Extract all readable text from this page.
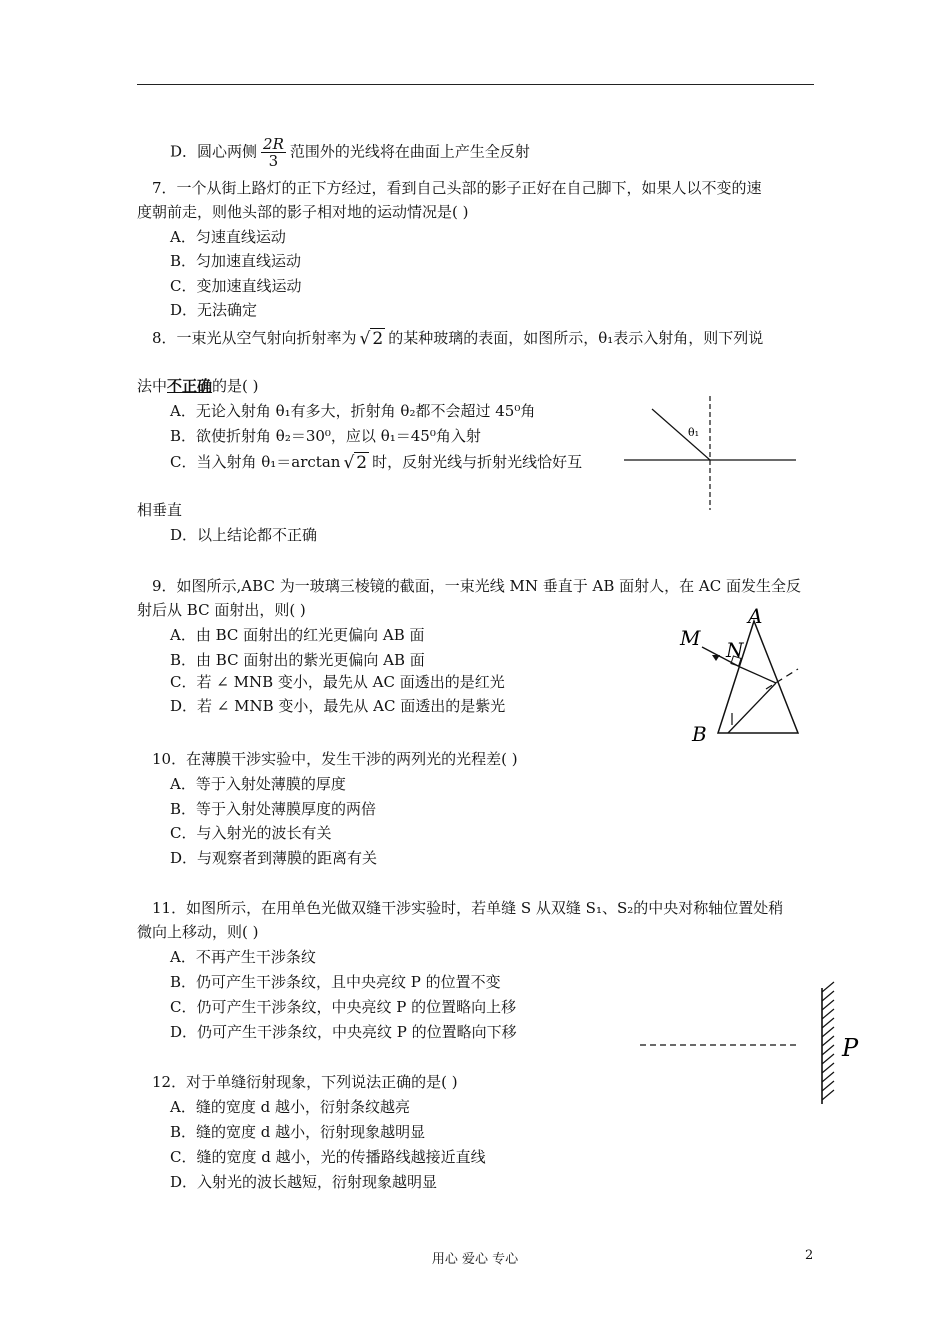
D．圆心两侧 $\frac{2R}{3}$ 范围外的光线将在曲面上产生全反射
7．一个从街上路灯的正下方经过，看到自己头部的影子正好在自己脚下，如果人以不变的速
度朝前走，则他头部的影子相对地的运动情况是( )
A．匀速直线运动
B．匀加速直线运动
C．变加速直线运动
D．无法确定
8．一束光从空气射向折射率为 √ 2 的某种玻璃的表面，如图所示，θ₁表示入射角，则下列说
法中不正确的是( )
A．无论入射角 θ₁有多大，折射角 θ₂都不会超过 45⁰角
B．欲使折射角 θ₂＝30⁰，应以 θ₁＝45⁰角入射
C．当入射角 θ₁＝arctan √ 2 时，反射光线与折射光线恰好互
相垂直
D．以上结论都不正确
θ₁
9．如图所示,ABC 为一玻璃三棱镜的截面，一束光线 MN 垂直于 AB 面射人，在 AC 面发生全反
射后从 BC 面射出，则( )
A．由 BC 面射出的红光更偏向 AB 面
B．由 BC 面射出的紫光更偏向 AB 面
C．若 ∠ MNB 变小，最先从 AC 面透出的是红光
D．若 ∠ MNB 变小，最先从 AC 面透出的是紫光
A
M N
B
10．在薄膜干涉实验中，发生干涉的两列光的光程差( )
A．等于入射处薄膜的厚度
B．等于入射处薄膜厚度的两倍
C．与入射光的波长有关
D．与观察者到薄膜的距离有关
11．如图所示，在用单色光做双缝干涉实验时，若单缝 S 从双缝 S₁、S₂的中央对称轴位置处稍
微向上移动，则( )
A．不再产生干涉条纹
B．仍可产生干涉条纹，且中央亮纹 P 的位置不变
C．仍可产生干涉条纹，中央亮纹 P 的位置略向上移
D．仍可产生干涉条纹，中央亮纹 P 的位置略向下移
P
12．对于单缝衍射现象，下列说法正确的是( )
A．缝的宽度 d 越小，衍射条纹越亮
B．缝的宽度 d 越小，衍射现象越明显
C．缝的宽度 d 越小，光的传播路线越接近直线
D．入射光的波长越短，衍射现象越明显
用心 爱心 专心	2
